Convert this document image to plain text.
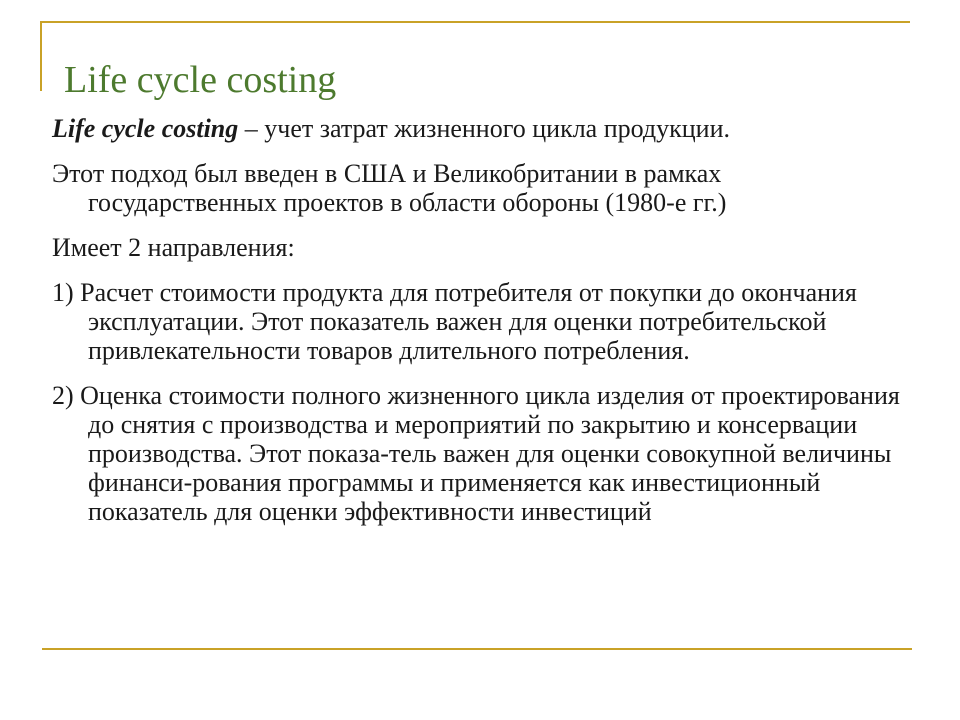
Life cycle costing

Life cycle costing – учет затрат жизненного цикла продукции.

Этот подход был введен в США и Великобритании в рамках государственных проектов в области обороны (1980-е гг.)

Имеет 2 направления:

1) Расчет стоимости продукта для потребителя от покупки до окончания эксплуатации. Этот показатель важен для оценки потребительской привлекательности товаров длительного потребления.

2) Оценка стоимости полного жизненного цикла изделия от проектирования до снятия с производства и мероприятий по закрытию и консервации производства. Этот показа-тель важен для оценки совокупной величины финанси-рования программы и применяется как инвестиционный показатель для оценки эффективности инвестиций
